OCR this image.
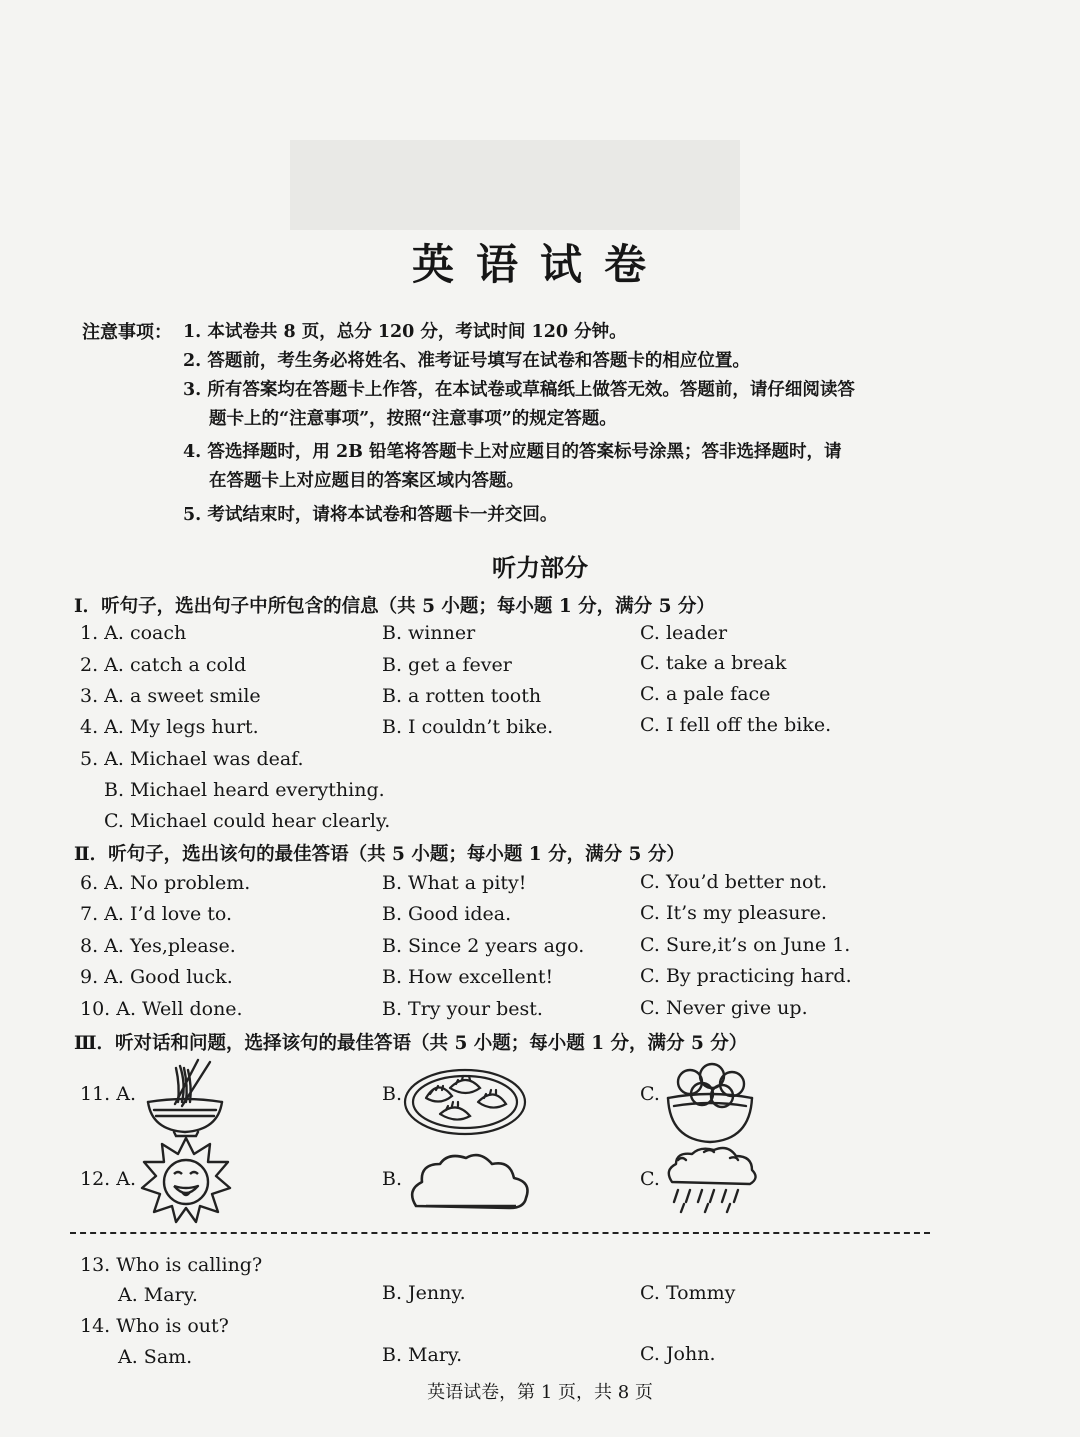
英语试卷
注意事项： 1. 本试卷共 8 页，总分 120 分，考试时间 120 分钟。
2. 答题前，考生务必将姓名、准考证号填写在试卷和答题卡的相应位置。
3. 所有答案均在答题卡上作答，在本试卷或草稿纸上做答无效。答题前，请仔细阅读答
题卡上的“注意事项”，按照“注意事项”的规定答题。
4. 答选择题时，用 2B 铅笔将答题卡上对应题目的答案标号涂黑；答非选择题时，请
在答题卡上对应题目的答案区域内答题。
5. 考试结束时，请将本试卷和答题卡一并交回。
听力部分
Ⅰ．听句子，选出句子中所包含的信息（共 5 小题；每小题 1 分，满分 5 分）
1. A. coach	B. winner	C. leader
2. A. catch a cold	B. get a fever	C. take a break
3. A. a sweet smile	B. a rotten tooth	C. a pale face
4. A. My legs hurt.	B. I couldn’t bike.	C. I fell off the bike.
5. A. Michael was deaf.
B. Michael heard everything.
C. Michael could hear clearly.
Ⅱ．听句子，选出该句的最佳答语（共 5 小题；每小题 1 分，满分 5 分）
6. A. No problem.	B. What a pity!	C. You’d better not.
7. A. I’d love to.	B. Good idea.	C. It’s my pleasure.
8. A. Yes,please.	B. Since 2 years ago.	C. Sure,it’s on June 1.
9. A. Good luck.	B. How excellent!	C. By practicing hard.
10. A. Well done.	B. Try your best.	C. Never give up.
Ⅲ．听对话和问题，选择该句的最佳答语（共 5 小题；每小题 1 分，满分 5 分）
11. A.	B.	C.
12. A.	B.	C.
13. Who is calling?
A. Mary.	B. Jenny.	C. Tommy
14. Who is out?
A. Sam.	B. Mary.	C. John.
英语试卷，第 1 页，共 8 页
